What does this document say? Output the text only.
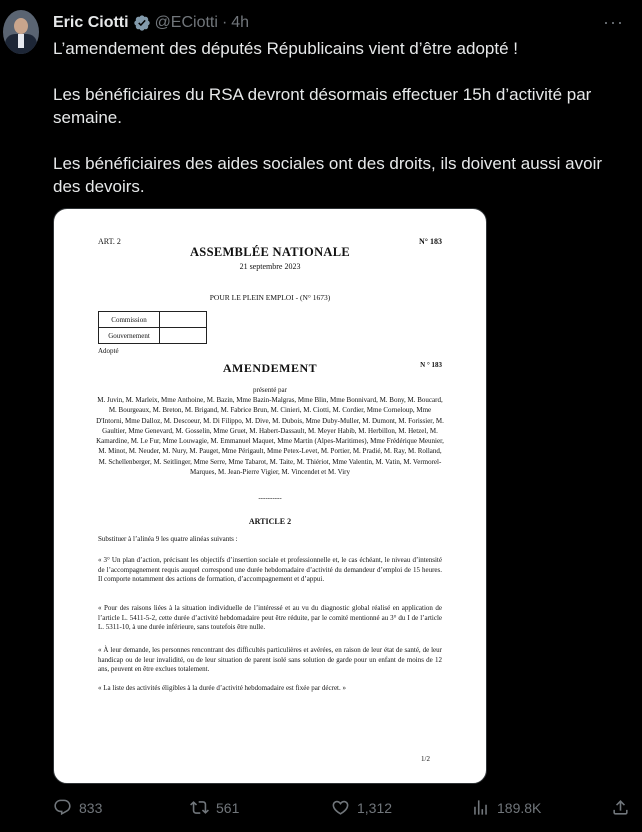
Eric Ciotti @ECiotti · 4h	···

L’amendement des députés Républicains vient d’être adopté !

Les bénéficiaires du RSA devront désormais effectuer 15h d’activité par semaine.

Les bénéficiaires des aides sociales ont des droits, ils doivent aussi avoir des devoirs.

ART. 2	N° 183
ASSEMBLÉE NATIONALE
21 septembre 2023
POUR LE PLEIN EMPLOI - (N° 1673)
Commission	
Gouvernement	
Adopté
AMENDEMENT	N ° 183
présenté par
M. Juvin, M. Marleix, Mme Anthoine, M. Bazin, Mme Bazin-Malgras, Mme Blin, Mme Bonnivard, M. Bony, M. Boucard, M. Bourgeaux, M. Breton, M. Brigand, M. Fabrice Brun, M. Cinieri, M. Ciotti, M. Cordier, Mme Corneloup, Mme D'Intorni, Mme Dalloz, M. Descoeur, M. Di Filippo, M. Dive, M. Dubois, Mme Duby-Muller, M. Dumont, M. Forissier, M. Gaultier, Mme Genevard, M. Gosselin, Mme Gruet, M. Habert-Dassault, M. Meyer Habib, M. Herbillon, M. Hetzel, M. Kamardine, M. Le Fur, Mme Louwagie, M. Emmanuel Maquet, Mme Martin (Alpes-Maritimes), Mme Frédérique Meunier, M. Minot, M. Neuder, M. Nury, M. Pauget, Mme Périgault, Mme Petex-Levet, M. Portier, M. Pradié, M. Ray, M. Rolland, M. Schellenberger, M. Seitlinger, Mme Serre, Mme Tabarot, M. Taite, M. Thiériot, Mme Valentin, M. Vatin, M. Vermorel-Marques, M. Jean-Pierre Vigier, M. Vincendet et M. Viry
----------
ARTICLE 2
Substituer à l’alinéa 9 les quatre alinéas suivants :
« 3° Un plan d’action, précisant les objectifs d’insertion sociale et professionnelle et, le cas échéant, le niveau d’intensité de l’accompagnement requis auquel correspond une durée hebdomadaire d’activité du demandeur d’emploi de 15 heures. Il comporte notamment des actions de formation, d’accompagnement et d’appui.
« Pour des raisons liées à la situation individuelle de l’intéressé et au vu du diagnostic global réalisé en application de l’article L. 5411-5-2, cette durée d’activité hebdomadaire peut être réduite, par le comité mentionné au 3° du I de l’article L. 5311-10, à une durée inférieure, sans toutefois être nulle.
« À leur demande, les personnes rencontrant des difficultés particulières et avérées, en raison de leur état de santé, de leur handicap ou de leur invalidité, ou de leur situation de parent isolé sans solution de garde pour un enfant de moins de 12 ans, peuvent en être exclues totalement.
« La liste des activités éligibles à la durée d’activité hebdomadaire est fixée par décret. »
1/2
833	561	1,312	189.8K
